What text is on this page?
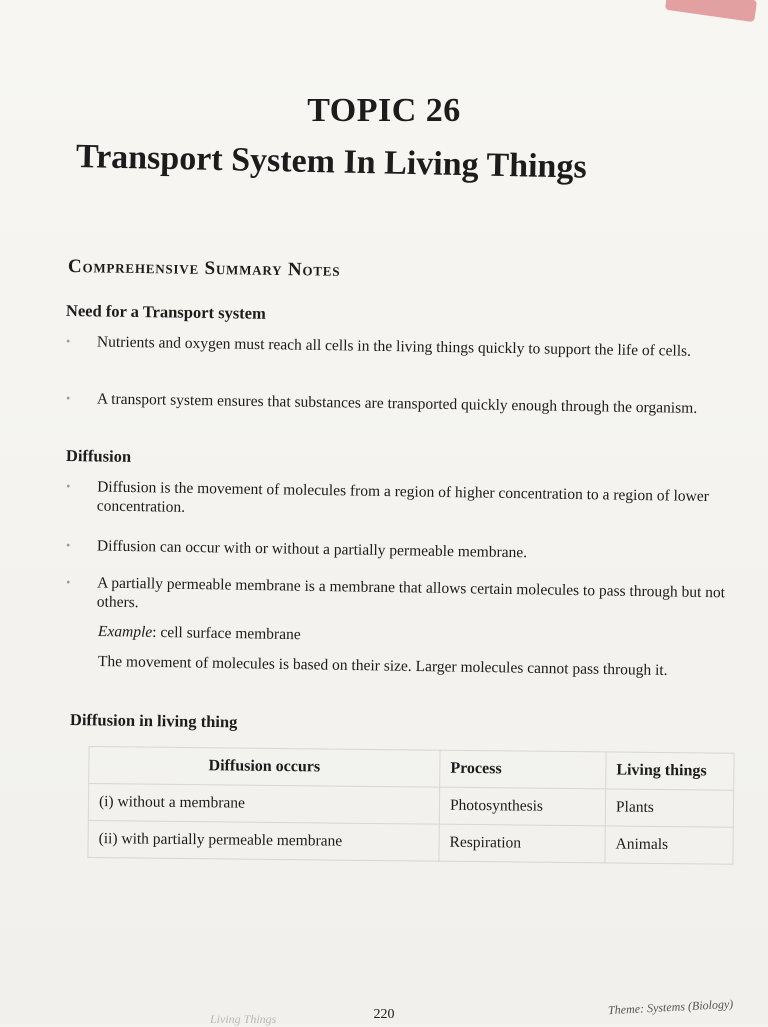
TOPIC 26
Transport System In Living Things
Comprehensive Summary Notes
Need for a Transport system
• Nutrients and oxygen must reach all cells in the living things quickly to support the life of cells.
• A transport system ensures that substances are transported quickly enough through the organism.
Diffusion
• Diffusion is the movement of molecules from a region of higher concentration to a region of lower concentration.
• Diffusion can occur with or without a partially permeable membrane.
• A partially permeable membrane is a membrane that allows certain molecules to pass through but not others.
Example: cell surface membrane
The movement of molecules is based on their size. Larger molecules cannot pass through it.
Diffusion in living thing
Diffusion occurs	Process	Living things
(i) without a membrane	Photosynthesis	Plants
(ii) with partially permeable membrane	Respiration	Animals
Living Things	220	Theme: Systems (Biology)
